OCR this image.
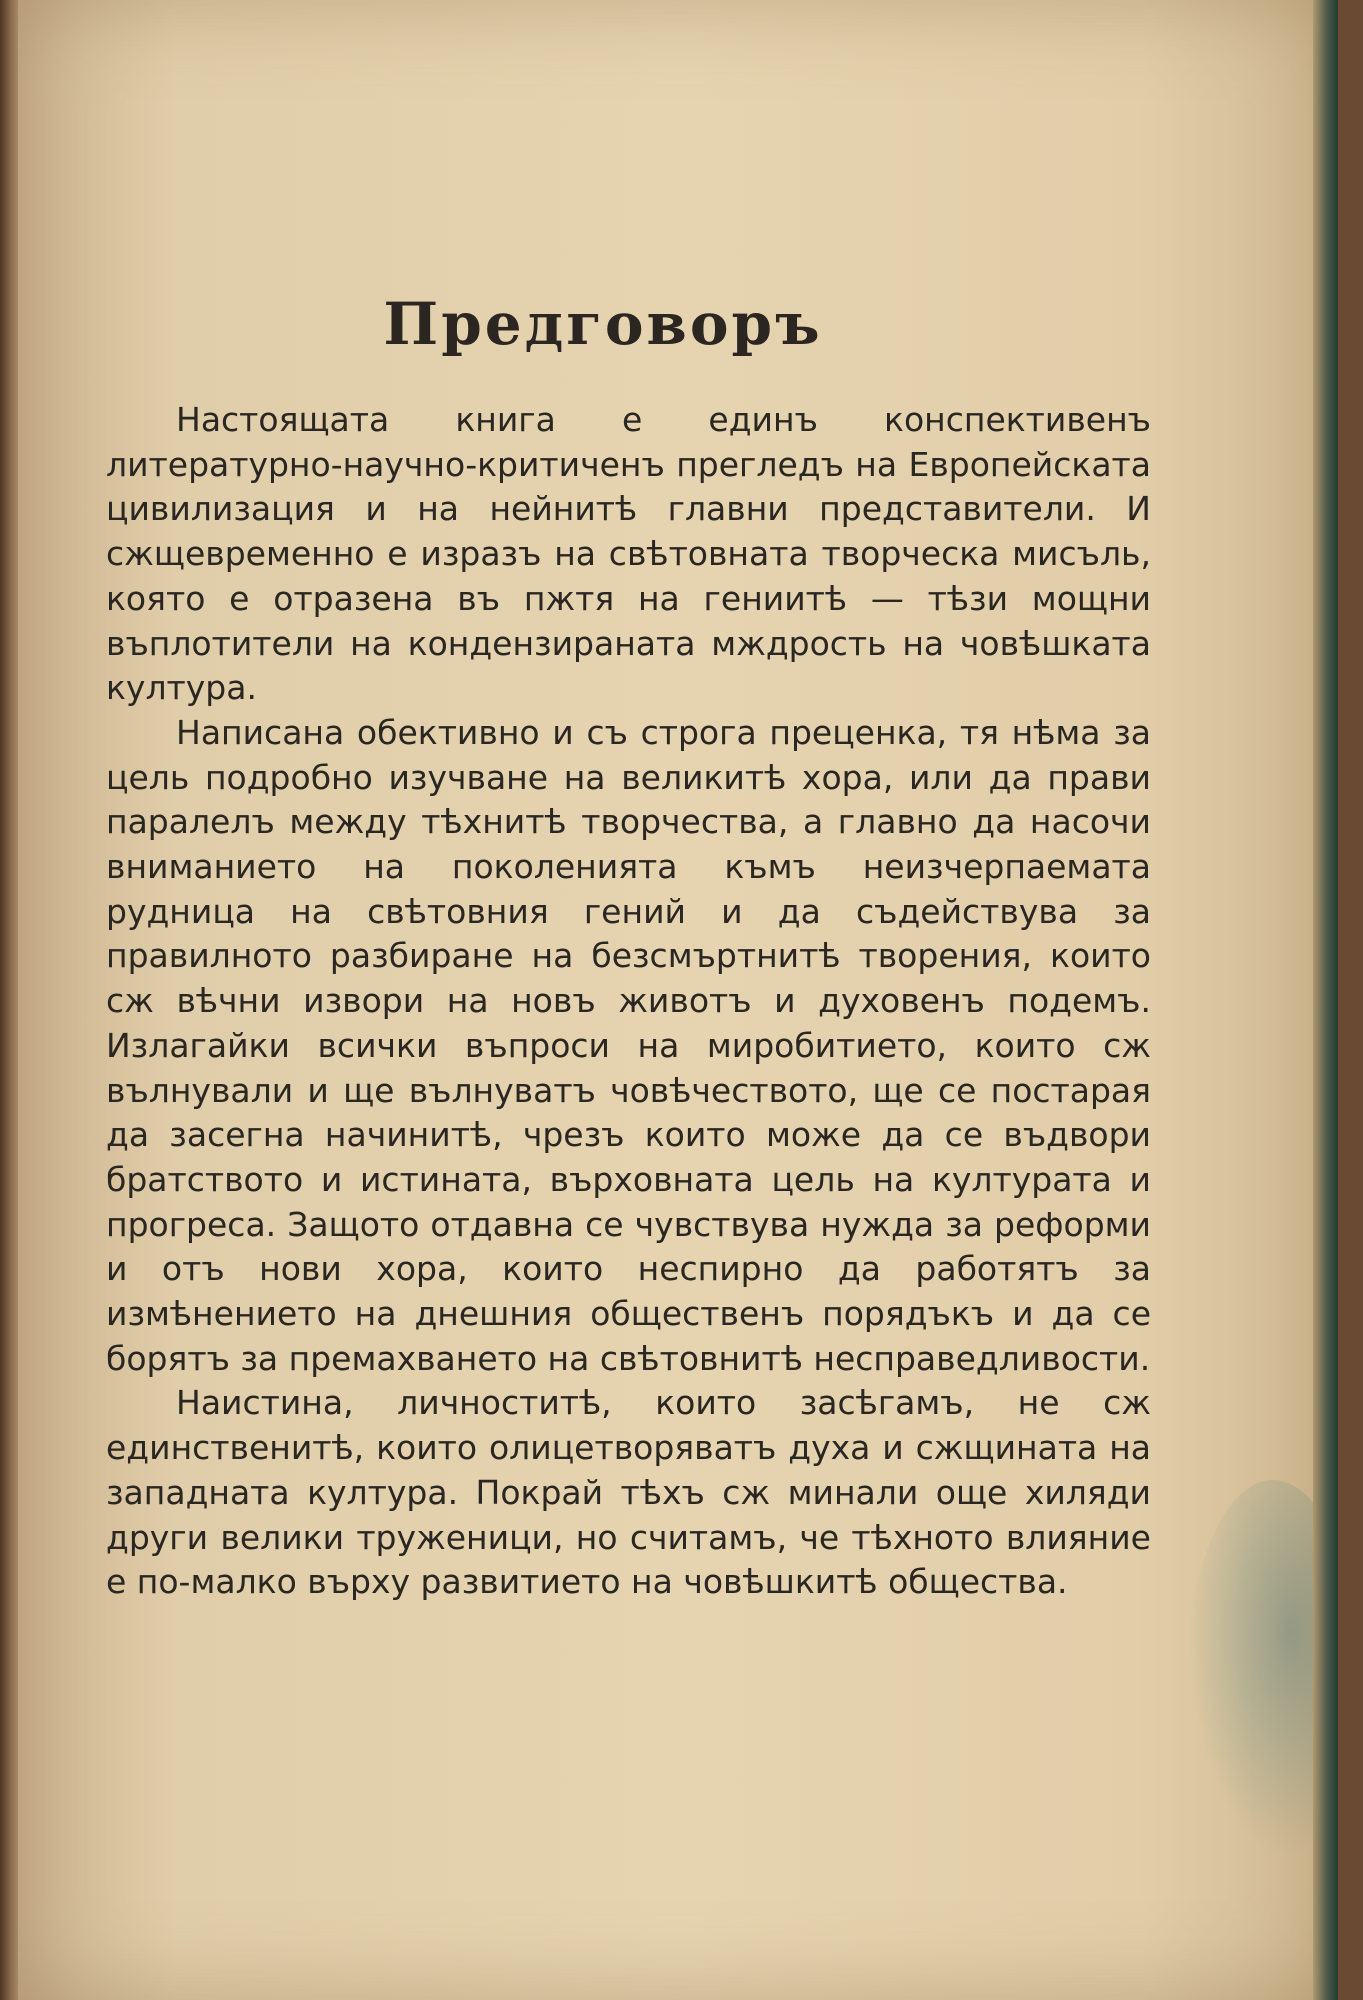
Предговоръ

Настоящата книга е единъ конспективенъ литературно-научно-критиченъ прегледъ на Европейската цивилизация и на нейнитѣ главни представители. И сжщевременно е изразъ на свѣтовната творческа мисъль, която е отразена въ пжтя на гениитѣ — тѣзи мощни въплотители на кондензираната мждрость на човѣшката култура.

Написана обективно и съ строга преценка, тя нѣма за цель подробно изучване на великитѣ хора, или да прави паралелъ между тѣхнитѣ творчества, а главно да насочи вниманието на поколенията къмъ неизчерпаемата рудница на свѣтовния гений и да съдействува за правилното разбиране на безсмъртнитѣ творения, които сж вѣчни извори на новъ животъ и духовенъ подемъ. Излагайки всички въпроси на миробитието, които сж вълнували и ще вълнуватъ човѣчеството, ще се постарая да засегна начинитѣ, чрезъ които може да се въдвори братството и истината, върховната цель на културата и прогреса. Защото отдавна се чувствува нужда за реформи и отъ нови хора, които неспирно да работятъ за измѣнението на днешния общественъ порядъкъ и да се борятъ за премахването на свѣтовнитѣ несправедливости.

Наистина, личноститѣ, които засѣгамъ, не сж единственитѣ, които олицетворяватъ духа и сжщината на западната култура. Покрай тѣхъ сж минали още хиляди други велики труженици, но считамъ, че тѣхното влияние е по-малко върху развитието на човѣшкитѣ общества.
